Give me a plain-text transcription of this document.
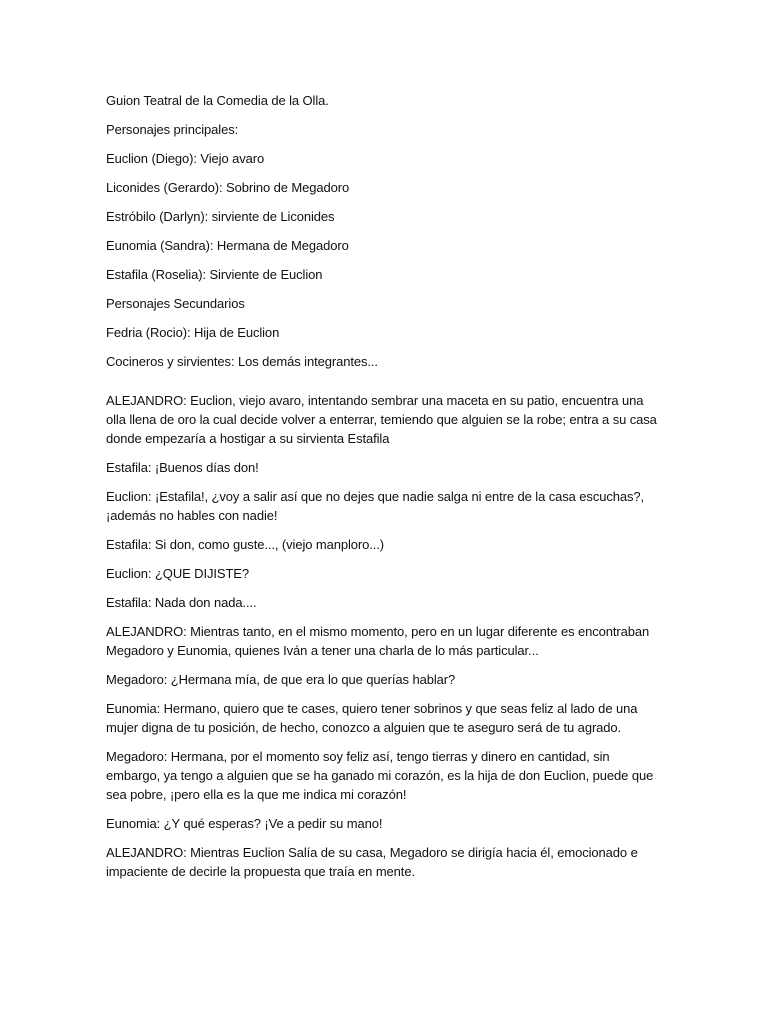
Guion Teatral de la Comedia de la Olla.

Personajes principales:

Euclion (Diego): Viejo avaro

Liconides (Gerardo): Sobrino de Megadoro

Estróbilo (Darlyn): sirviente de Liconides

Eunomia (Sandra): Hermana de Megadoro

Estafila (Roselia): Sirviente de Euclion

Personajes Secundarios

Fedria (Rocio): Hija de Euclion

Cocineros y sirvientes: Los demás integrantes...

ALEJANDRO: Euclion, viejo avaro, intentando sembrar una maceta en su patio, encuentra una olla llena de oro la cual decide volver a enterrar, temiendo que alguien se la robe; entra a su casa donde empezaría a hostigar a su sirvienta Estafila

Estafila: ¡Buenos días don!

Euclion: ¡Estafila!, ¿voy a salir así que no dejes que nadie salga ni entre de la casa escuchas?, ¡además no hables con nadie!

Estafila: Si don, como guste..., (viejo manploro...)

Euclion: ¿QUE DIJISTE?

Estafila: Nada don nada....

ALEJANDRO: Mientras tanto, en el mismo momento, pero en un lugar diferente es encontraban Megadoro y Eunomia, quienes Iván a tener una charla de lo más particular...

Megadoro: ¿Hermana mía, de que era lo que querías hablar?

Eunomia: Hermano, quiero que te cases, quiero tener sobrinos y que seas feliz al lado de una mujer digna de tu posición, de hecho, conozco a alguien que te aseguro será de tu agrado.

Megadoro: Hermana, por el momento soy feliz así, tengo tierras y dinero en cantidad, sin embargo, ya tengo a alguien que se ha ganado mi corazón, es la hija de don Euclion, puede que sea pobre, ¡pero ella es la que me indica mi corazón!

Eunomia: ¿Y qué esperas? ¡Ve a pedir su mano!

ALEJANDRO: Mientras Euclion Salía de su casa, Megadoro se dirigía hacia él, emocionado e impaciente de decirle la propuesta que traía en mente.
